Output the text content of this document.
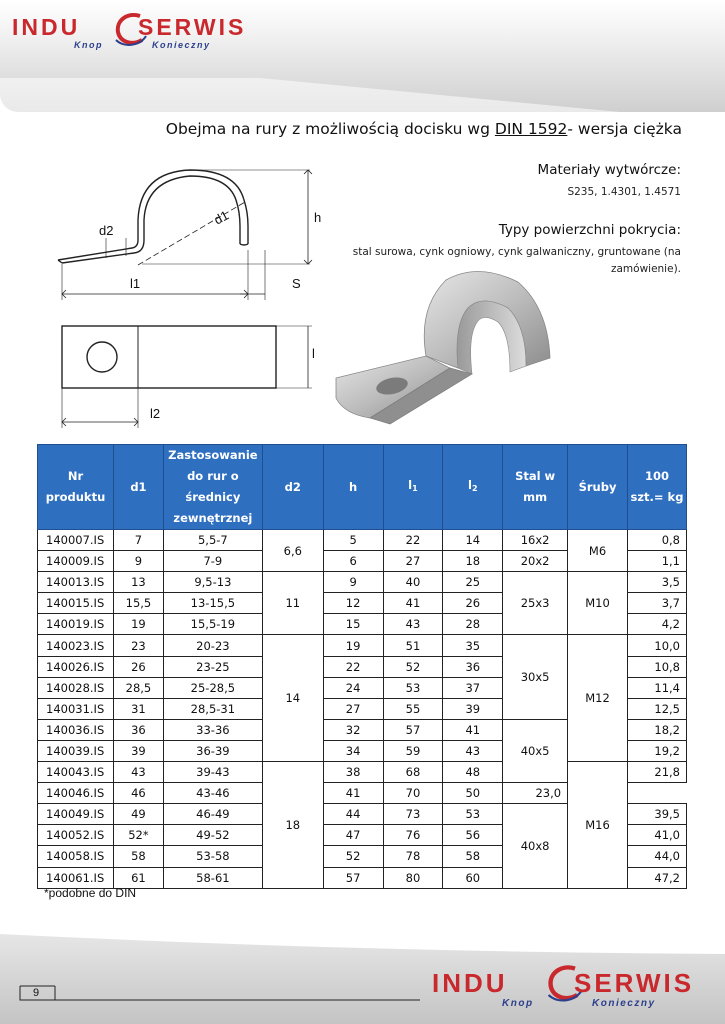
INDU	SERWIS
Knop	Konieczny
Obejma na rury z możliwością docisku wg DIN 1592- wersja ciężka
Materiały wytwórcze:
S235, 1.4301, 1.4571
Typy powierzchni pokrycia:
stal surowa, cynk ogniowy, cynk galwaniczny, gruntowane (na
zamówienie).
d2
d1	h
l1	S
l
l2
Nr
produktu	d1	Zastosowanie
do rur o
średnicy
zewnętrznej	d2	h	$l_1$	$l_2$	Stal w
mm	Śruby	100
szt.= kg
140007.IS	7	5,5-7	6,6	5	22	14	16x2	M6	0,8
140009.IS	9	7-9		6	27	18	20x2		1,1
140013.IS	13	9,5-13	11	9	40	25	25x3	M10	3,5
140015.IS	15,5	13-15,5		12	41	26			3,7
140019.IS	19	15,5-19		15	43	28			4,2
140023.IS	23	20-23	14	19	51	35	30x5	M12	10,0
140026.IS	26	23-25		22	52	36			10,8
140028.IS	28,5	25-28,5		24	53	37			11,4
140031.IS	31	28,5-31		27	55	39			12,5
140036.IS	36	33-36		32	57	41	40x5		18,2
140039.IS	39	36-39		34	59	43			19,2
140043.IS	43	39-43	18	38	68	48		M16	21,8
140046.IS	46	43-46		41	70	50	23,0		
140049.IS	49	46-49		44	73	53	40x8		39,5
140052.IS	52*	49-52		47	76	56			41,0
140058.IS	58	53-58		52	78	58			44,0
140061.IS	61	58-61		57	80	60			47,2
*podobne do DIN
9	INDU	SERWIS
Knop	Konieczny
